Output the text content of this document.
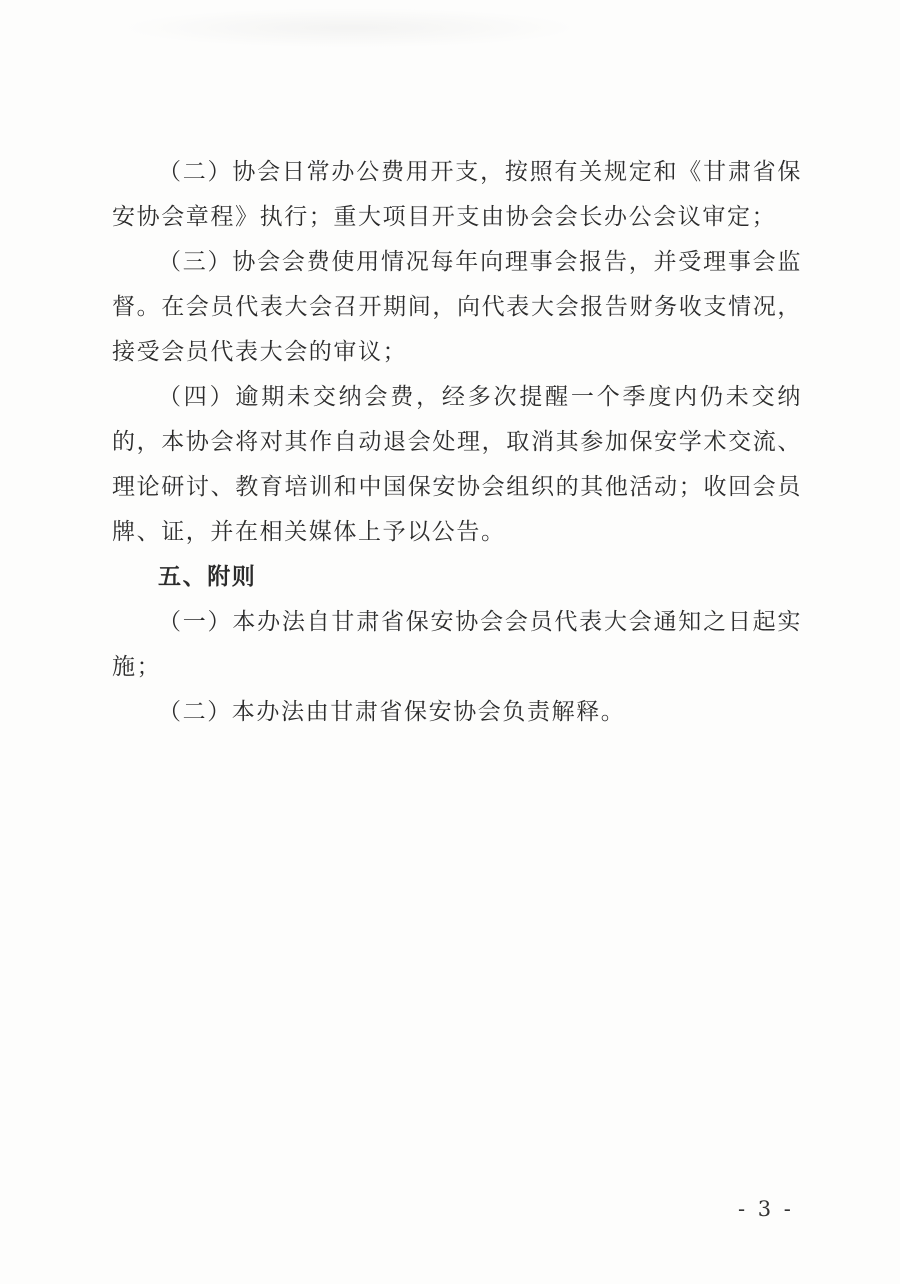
（二）协会日常办公费用开支，按照有关规定和《甘肃省保安协会章程》执行；重大项目开支由协会会长办公会议审定；

（三）协会会费使用情况每年向理事会报告，并受理事会监督。在会员代表大会召开期间，向代表大会报告财务收支情况，接受会员代表大会的审议；

（四）逾期未交纳会费，经多次提醒一个季度内仍未交纳的，本协会将对其作自动退会处理，取消其参加保安学术交流、理论研讨、教育培训和中国保安协会组织的其他活动；收回会员牌、证，并在相关媒体上予以公告。

五、附则

（一）本办法自甘肃省保安协会会员代表大会通知之日起实施；

（二）本办法由甘肃省保安协会负责解释。

- 3 -
